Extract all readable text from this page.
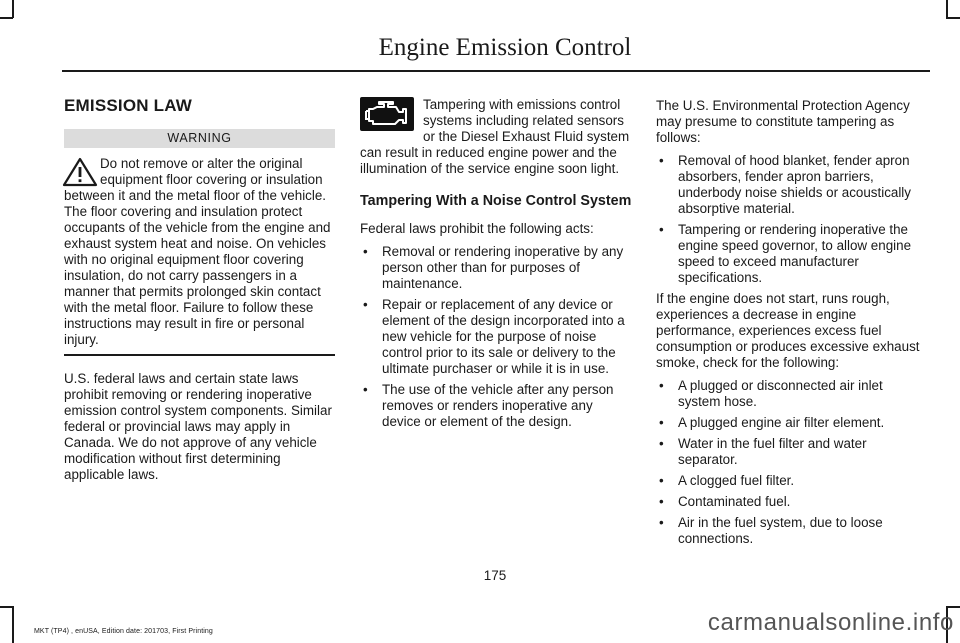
Engine Emission Control
EMISSION LAW
WARNING

Do not remove or alter the original equipment floor covering or insulation between it and the metal floor of the vehicle. The floor covering and insulation protect occupants of the vehicle from the engine and exhaust system heat and noise. On vehicles with no original equipment floor covering insulation, do not carry passengers in a manner that permits prolonged skin contact with the metal floor. Failure to follow these instructions may result in fire or personal injury.

U.S. federal laws and certain state laws prohibit removing or rendering inoperative emission control system components. Similar federal or provincial laws may apply in Canada. We do not approve of any vehicle modification without first determining applicable laws.

Tampering with emissions control systems including related sensors or the Diesel Exhaust Fluid system can result in reduced engine power and the illumination of the service engine soon light.

Tampering With a Noise Control System

Federal laws prohibit the following acts:

• Removal or rendering inoperative by any person other than for purposes of maintenance.
• Repair or replacement of any device or element of the design incorporated into a new vehicle for the purpose of noise control prior to its sale or delivery to the ultimate purchaser or while it is in use.
• The use of the vehicle after any person removes or renders inoperative any device or element of the design.

The U.S. Environmental Protection Agency may presume to constitute tampering as follows:

• Removal of hood blanket, fender apron absorbers, fender apron barriers, underbody noise shields or acoustically absorptive material.
• Tampering or rendering inoperative the engine speed governor, to allow engine speed to exceed manufacturer specifications.

If the engine does not start, runs rough, experiences a decrease in engine performance, experiences excess fuel consumption or produces excessive exhaust smoke, check for the following:

• A plugged or disconnected air inlet system hose.
• A plugged engine air filter element.
• Water in the fuel filter and water separator.
• A clogged fuel filter.
• Contaminated fuel.
• Air in the fuel system, due to loose connections.
175
MKT (TP4) , enUSA, Edition date: 201703, First Printing	carmanualsonline.info
